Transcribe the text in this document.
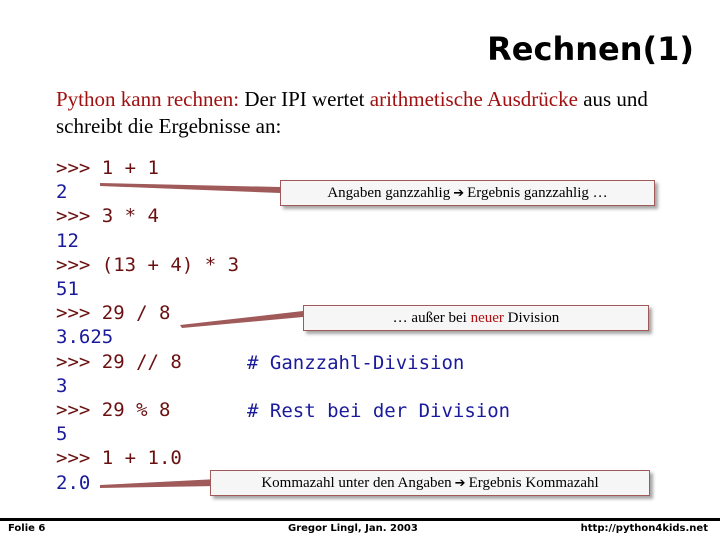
Rechnen(1)
Python kann rechnen: Der IPI wertet arithmetische Ausdrücke aus und schreibt die Ergebnisse an:
>>> 1 + 1
2
>>> 3 * 4
12
>>> (13 + 4) * 3
51
>>> 29 / 8
3.625
>>> 29 // 8
3
>>> 29 % 8
5
>>> 1 + 1.0
2.0
# Ganzzahl-Division
# Rest bei der Division
Angaben ganzzahlig ➔ Ergebnis ganzzahlig …
… außer bei
neuer
Division
Kommazahl unter den Angaben ➔ Ergebnis Kommazahl
Folie 6	Gregor Lingl, Jan. 2003	http://python4kids.net
